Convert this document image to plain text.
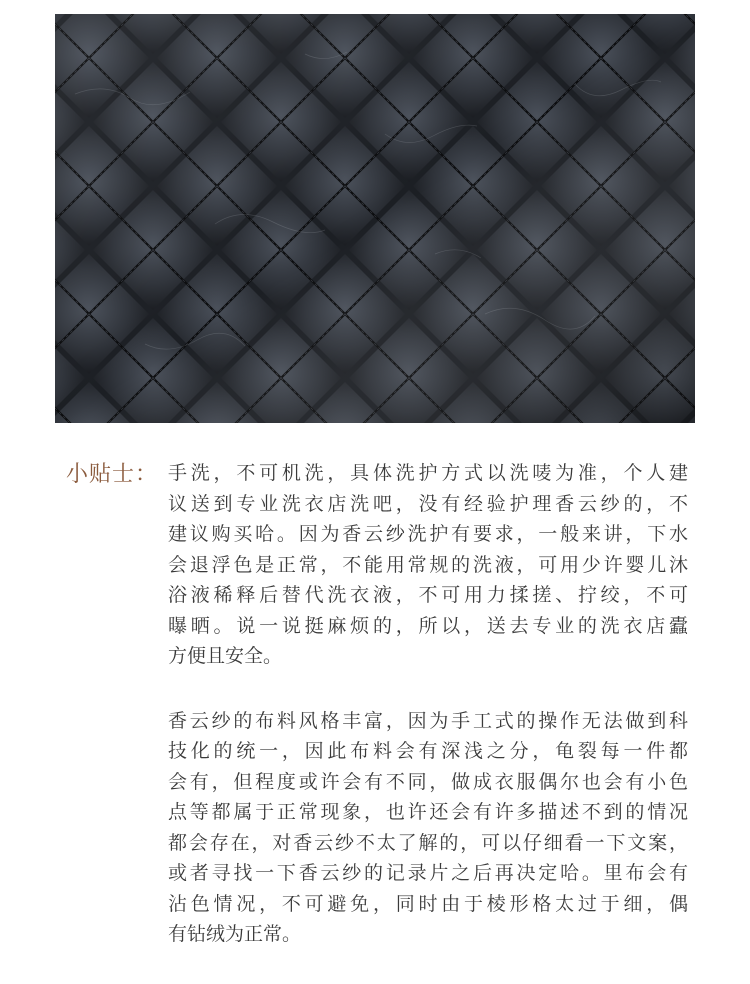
小贴士： 手洗，不可机洗，具体洗护方式以洗唛为准，个人建
议送到专业洗衣店洗吧，没有经验护理香云纱的，不
建议购买哈。因为香云纱洗护有要求，一般来讲，下水
会退浮色是正常，不能用常规的洗液，可用少许婴儿沐
浴液稀释后替代洗衣液，不可用力揉搓、拧绞，不可
曝晒。说一说挺麻烦的，所以，送去专业的洗衣店蠹
方便且安全。

香云纱的布料风格丰富，因为手工式的操作无法做到科
技化的统一，因此布料会有深浅之分，龟裂每一件都
会有，但程度或许会有不同，做成衣服偶尔也会有小色
点等都属于正常现象，也许还会有许多描述不到的情况
都会存在，对香云纱不太了解的，可以仔细看一下文案，
或者寻找一下香云纱的记录片之后再决定哈。里布会有
沾色情况，不可避免，同时由于棱形格太过于细，偶
有钻绒为正常。
